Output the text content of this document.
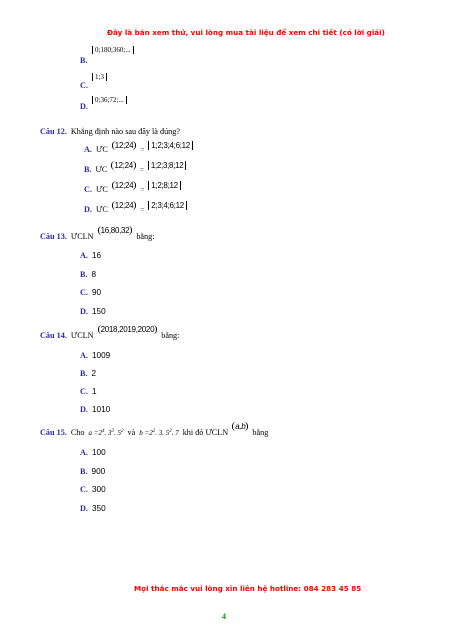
Đây là bản xem thử, vui lòng mua tài liệu để xem chi tiết (có lời giải)
B.
0;180;360;...
C.
1;3
D.
0;36;72;...
Câu 12. Khẳng định nào sau đây là đúng?
A. ƯC $^{12;24}$ = $^{1;2;3;4;6;12}$
B. ƯC $^{12;24}$ = $^{1;2;3;8;12}$
C. ƯC $^{12;24}$ = $^{1;2;8;12}$
D. ƯC $^{12;24}$ = $^{2;3;4;6;12}$
Câu 13. ƯCLN $^{16,80,32}$ bằng:
A. 16
B. 8
C. 90
D. 150
Câu 14. ƯCLN $^{2018,2019,2020}$ bằng:
A. 1009
B. 2
C. 1
D. 1010
Câu 15. Cho $a =2^4$. $3^3$. $5^2$ và $b =2^2$. 3. $5^2$. 7 khi đó ƯCLN $^{a,b}$ bằng
A. 100
B. 900
C. 300
D. 350
Mọi thắc mắc vui lòng xin liên hệ hotline: 084 283 45 85
4
